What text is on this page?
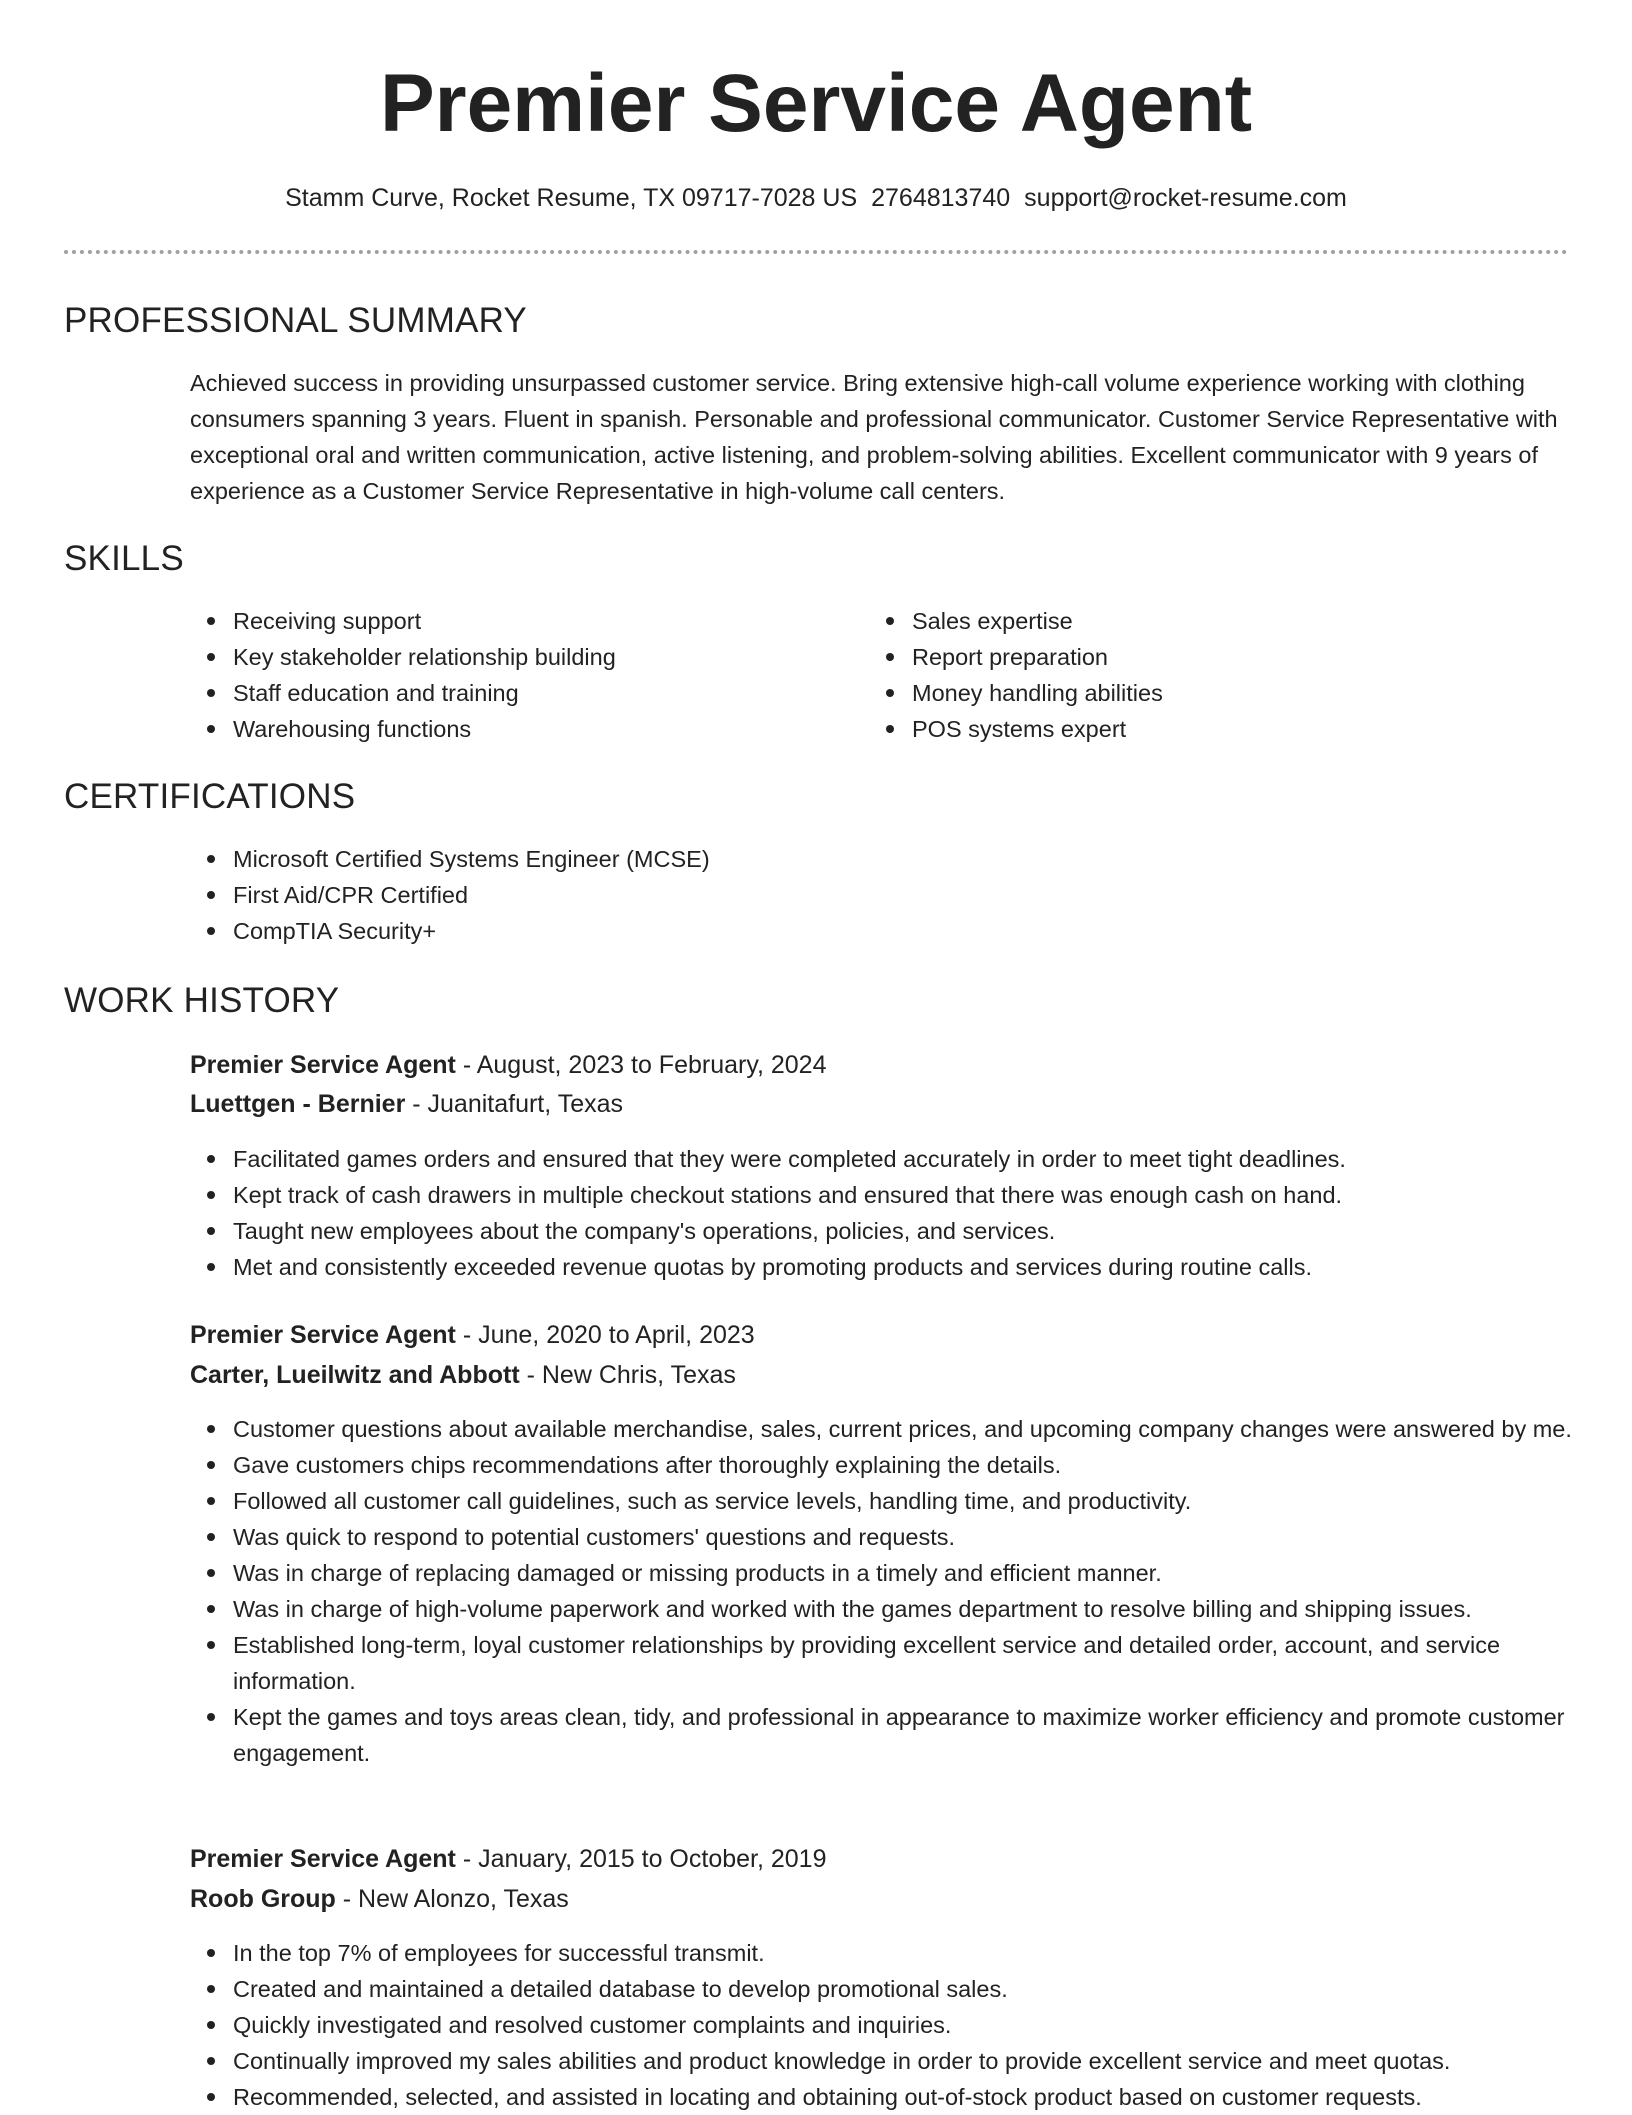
Premier Service Agent
Stamm Curve, Rocket Resume, TX 09717-7028 US 2764813740 support@rocket-resume.com
PROFESSIONAL SUMMARY

Achieved success in providing unsurpassed customer service. Bring extensive high-call volume experience working with clothing consumers spanning 3 years. Fluent in spanish. Personable and professional communicator. Customer Service Representative with exceptional oral and written communication, active listening, and problem-solving abilities. Excellent communicator with 9 years of experience as a Customer Service Representative in high-volume call centers.

SKILLS
Receiving support
Key stakeholder relationship building
Staff education and training
Warehousing functions
Sales expertise
Report preparation
Money handling abilities
POS systems expert
CERTIFICATIONS
Microsoft Certified Systems Engineer (MCSE)
First Aid/CPR Certified
CompTIA Security+
WORK HISTORY
Premier Service Agent - August, 2023 to February, 2024
Luettgen - Bernier - Juanitafurt, Texas
Facilitated games orders and ensured that they were completed accurately in order to meet tight deadlines.
Kept track of cash drawers in multiple checkout stations and ensured that there was enough cash on hand.
Taught new employees about the company's operations, policies, and services.
Met and consistently exceeded revenue quotas by promoting products and services during routine calls.
Premier Service Agent - June, 2020 to April, 2023
Carter, Lueilwitz and Abbott - New Chris, Texas
Customer questions about available merchandise, sales, current prices, and upcoming company changes were answered by me.
Gave customers chips recommendations after thoroughly explaining the details.
Followed all customer call guidelines, such as service levels, handling time, and productivity.
Was quick to respond to potential customers' questions and requests.
Was in charge of replacing damaged or missing products in a timely and efficient manner.
Was in charge of high-volume paperwork and worked with the games department to resolve billing and shipping issues.
Established long-term, loyal customer relationships by providing excellent service and detailed order, account, and service information.
Kept the games and toys areas clean, tidy, and professional in appearance to maximize worker efficiency and promote customer engagement.
Premier Service Agent - January, 2015 to October, 2019
Roob Group - New Alonzo, Texas
In the top 7% of employees for successful transmit.
Created and maintained a detailed database to develop promotional sales.
Quickly investigated and resolved customer complaints and inquiries.
Continually improved my sales abilities and product knowledge in order to provide excellent service and meet quotas.
Recommended, selected, and assisted in locating and obtaining out-of-stock product based on customer requests.
